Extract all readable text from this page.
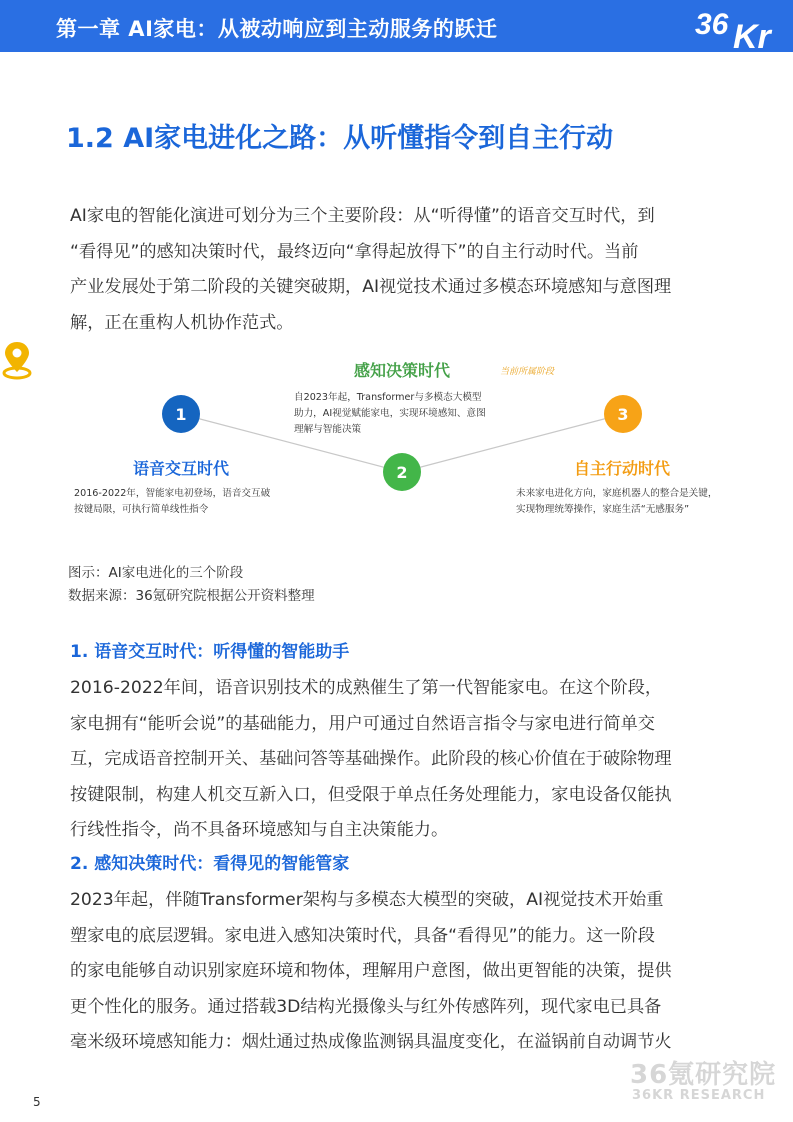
第一章 AI家电：从被动响应到主动服务的跃迁	36 Kr
1.2 AI家电进化之路：从听懂指令到自主行动

AI家电的智能化演进可划分为三个主要阶段：从“听得懂”的语音交互时代，到
“看得见”的感知决策时代，最终迈向“拿得起放得下”的自主行动时代。当前
产业发展处于第二阶段的关键突破期，AI视觉技术通过多模态环境感知与意图理
解，正在重构人机协作范式。

1
2
3
语音交互时代
感知决策时代
自主行动时代
当前所属阶段

2016-2022年，智能家电初登场，语音交互破
按键局限，可执行简单线性指令

自2023年起，Transformer与多模态大模型
助力，AI视觉赋能家电，实现环境感知、意图
理解与智能决策

未来家电进化方向，家庭机器人的整合是关键，
实现物理统筹操作，家庭生活“无感服务”

图示：AI家电进化的三个阶段
数据来源：36氪研究院根据公开资料整理
1. 语音交互时代：听得懂的智能助手

2016-2022年间，语音识别技术的成熟催生了第一代智能家电。在这个阶段，
家电拥有“能听会说”的基础能力，用户可通过自然语言指令与家电进行简单交
互，完成语音控制开关、基础问答等基础操作。此阶段的核心价值在于破除物理
按键限制，构建人机交互新入口，但受限于单点任务处理能力，家电设备仅能执
行线性指令，尚不具备环境感知与自主决策能力。

2. 感知决策时代：看得见的智能管家

2023年起，伴随Transformer架构与多模态大模型的突破，AI视觉技术开始重
塑家电的底层逻辑。家电进入感知决策时代，具备“看得见”的能力。这一阶段
的家电能够自动识别家庭环境和物体，理解用户意图，做出更智能的决策，提供
更个性化的服务。通过搭载3D结构光摄像头与红外传感阵列，现代家电已具备
毫米级环境感知能力：烟灶通过热成像监测锅具温度变化，在溢锅前自动调节火

36氪研究院
36KR RESEARCH
5
